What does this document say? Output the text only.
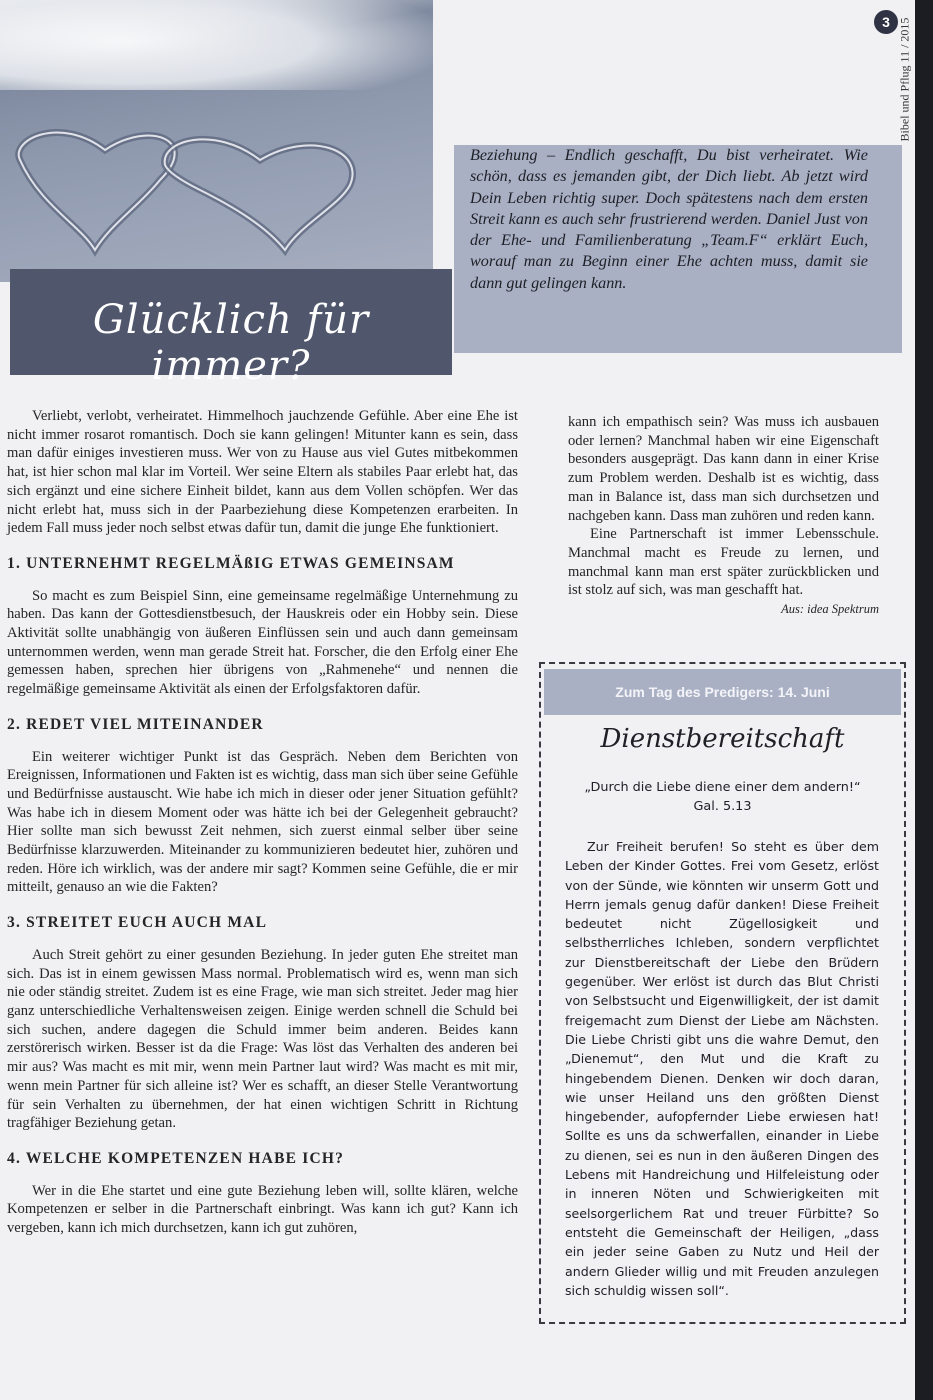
Beziehung – Endlich geschafft, Du bist verheiratet. Wie schön, dass es jemanden gibt, der Dich liebt. Ab jetzt wird Dein Leben richtig super. Doch spätestens nach dem ersten Streit kann es auch sehr frustrierend werden. Daniel Just von der Ehe- und Familienberatung „Team.F“ erklärt Euch, worauf man zu Beginn einer Ehe achten muss, damit sie dann gut gelingen kann.
Glücklich für immer?
3 Bibel und Pflug 11 / 2015

Verliebt, verlobt, verheiratet. Himmelhoch jauchzende Gefühle. Aber eine Ehe ist nicht immer rosarot romantisch. Doch sie kann gelingen! Mitunter kann es sein, dass man dafür einiges investieren muss. Wer von zu Hause aus viel Gutes mitbekommen hat, ist hier schon mal klar im Vorteil. Wer seine Eltern als stabiles Paar erlebt hat, das sich ergänzt und eine sichere Einheit bildet, kann aus dem Vollen schöpfen. Wer das nicht erlebt hat, muss sich in der Paarbeziehung diese Kompetenzen erarbeiten. In jedem Fall muss jeder noch selbst etwas dafür tun, damit die junge Ehe funktioniert.

1. UNTERNEHMT REGELMÄßIG ETWAS GEMEINSAM

So macht es zum Beispiel Sinn, eine gemeinsame regelmäßige Unternehmung zu haben. Das kann der Gottesdienstbesuch, der Hauskreis oder ein Hobby sein. Diese Aktivität sollte unabhängig von äußeren Einflüssen sein und auch dann gemeinsam unternommen werden, wenn man gerade Streit hat. Forscher, die den Erfolg einer Ehe gemessen haben, sprechen hier übrigens von „Rahmenehe“ und nennen die regelmäßige gemeinsame Aktivität als einen der Erfolgsfaktoren dafür.

2. REDET VIEL MITEINANDER

Ein weiterer wichtiger Punkt ist das Gespräch. Neben dem Berichten von Ereignissen, Informationen und Fakten ist es wichtig, dass man sich über seine Gefühle und Bedürfnisse austauscht. Wie habe ich mich in dieser oder jener Situation gefühlt? Was habe ich in diesem Moment oder was hätte ich bei der Gelegenheit gebraucht? Hier sollte man sich bewusst Zeit nehmen, sich zuerst einmal selber über seine Bedürfnisse klarzuwerden. Miteinander zu kommunizieren bedeutet hier, zuhören und reden. Höre ich wirklich, was der andere mir sagt? Kommen seine Gefühle, die er mir mitteilt, genauso an wie die Fakten?

3. STREITET EUCH AUCH MAL

Auch Streit gehört zu einer gesunden Beziehung. In jeder guten Ehe streitet man sich. Das ist in einem gewissen Mass normal. Problematisch wird es, wenn man sich nie oder ständig streitet. Zudem ist es eine Frage, wie man sich streitet. Jeder mag hier ganz unterschiedliche Verhaltensweisen zeigen. Einige werden schnell die Schuld bei sich suchen, andere dagegen die Schuld immer beim anderen. Beides kann zerstörerisch wirken. Besser ist da die Frage: Was löst das Verhalten des anderen bei mir aus? Was macht es mit mir, wenn mein Partner laut wird? Was macht es mit mir, wenn mein Partner für sich alleine ist? Wer es schafft, an dieser Stelle Verantwortung für sein Verhalten zu übernehmen, der hat einen wichtigen Schritt in Richtung tragfähiger Beziehung getan.

4. WELCHE KOMPETENZEN HABE ICH?

Wer in die Ehe startet und eine gute Beziehung leben will, sollte klären, welche Kompetenzen er selber in die Partnerschaft einbringt. Was kann ich gut? Kann ich vergeben, kann ich mich durchsetzen, kann ich gut zuhören,

kann ich empathisch sein? Was muss ich ausbauen oder lernen? Manchmal haben wir eine Eigenschaft besonders ausgeprägt. Das kann dann in einer Krise zum Problem werden. Deshalb ist es wichtig, dass man in Balance ist, dass man sich durchsetzen und nachgeben kann. Dass man zuhören und reden kann.

Eine Partnerschaft ist immer Lebensschule. Manchmal macht es Freude zu lernen, und manchmal kann man erst später zurückblicken und ist stolz auf sich, was man geschafft hat.

Aus: idea Spektrum
Zum Tag des Predigers: 14. Juni
Dienstbereitschaft
„Durch die Liebe diene einer dem andern!“
Gal. 5.13
Zur Freiheit berufen! So steht es über dem Leben der Kinder Gottes. Frei vom Gesetz, erlöst von der Sünde, wie könnten wir unserm Gott und Herrn jemals genug dafür danken! Diese Freiheit bedeutet nicht Zügellosigkeit und selbstherrliches Ichleben, sondern verpflichtet zur Dienstbereitschaft der Liebe den Brüdern gegenüber. Wer erlöst ist durch das Blut Christi von Selbstsucht und Eigenwilligkeit, der ist damit freigemacht zum Dienst der Liebe am Nächsten. Die Liebe Christi gibt uns die wahre Demut, den „Dienemut“, den Mut und die Kraft zu hingebendem Dienen. Denken wir doch daran, wie unser Heiland uns den größten Dienst hingebender, aufopfernder Liebe erwiesen hat! Sollte es uns da schwerfallen, einander in Liebe zu dienen, sei es nun in den äußeren Dingen des Lebens mit Handreichung und Hilfeleistung oder in inneren Nöten und Schwierigkeiten mit seelsorgerlichem Rat und treuer Fürbitte? So entsteht die Gemeinschaft der Heiligen, „dass ein jeder seine Gaben zu Nutz und Heil der andern Glieder willig und mit Freuden anzulegen sich schuldig wissen soll“.
